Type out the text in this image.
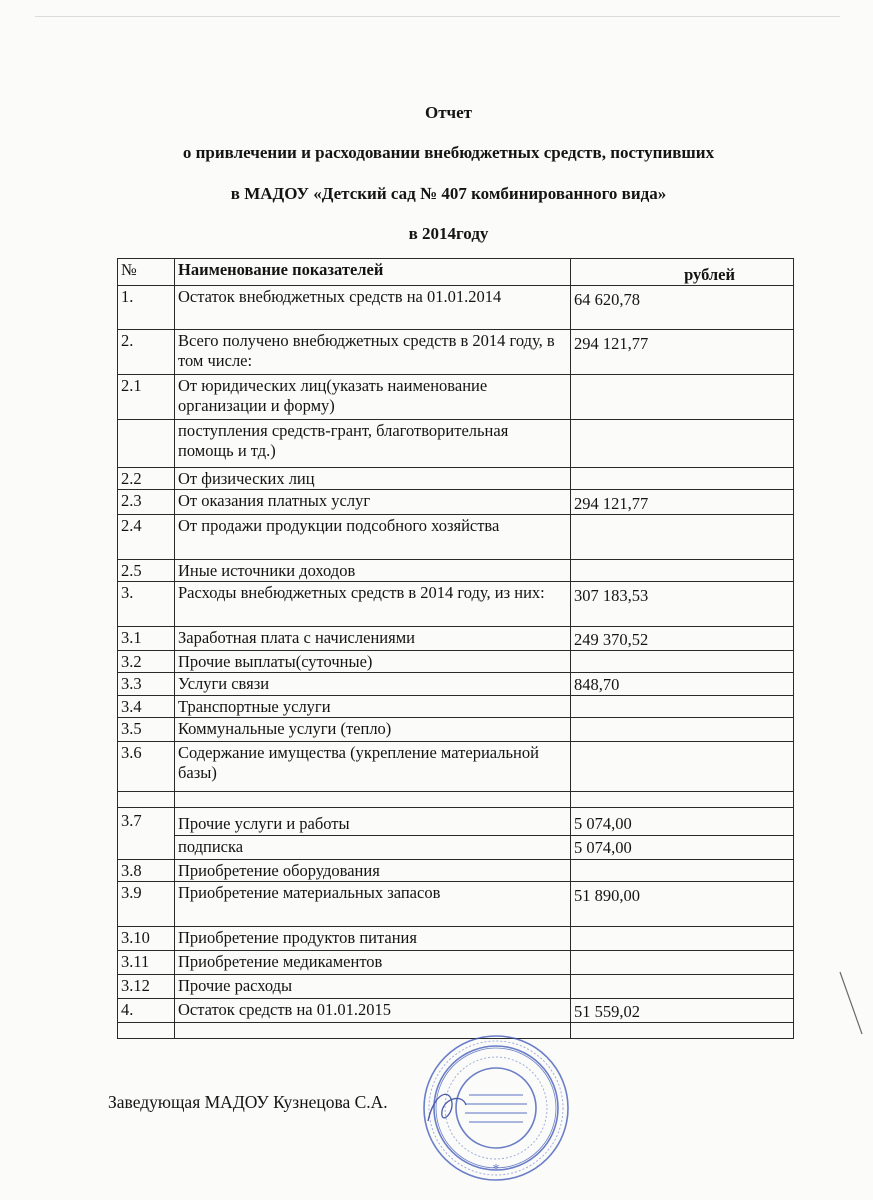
Отчет
о привлечении и расходовании внебюджетных средств, поступивших
в МАДОУ «Детский сад № 407 комбинированного вида»
в 2014году
№	Наименование показателей	рублей
1.	Остаток внебюджетных средств на 01.01.2014	64 620,78
2.	Всего получено внебюджетных средств в 2014 году, в том числе:	294 121,77
2.1	От юридических лиц(указать наименование организации и форму)	
	поступления средств-грант, благотворительная помощь и тд.)	
2.2	От физических лиц	
2.3	От оказания платных услуг	294 121,77
2.4	От продажи продукции подсобного хозяйства	
2.5	Иные источники доходов	
3.	Расходы внебюджетных средств в 2014 году, из них:	307 183,53
3.1	Заработная плата с начислениями	249 370,52
3.2	Прочие выплаты(суточные)	
3.3	Услуги связи	848,70
3.4	Транспортные услуги	
3.5	Коммунальные услуги (тепло)	
3.6	Содержание имущества (укрепление материальной базы)	

3.7	Прочие услуги и работы	5 074,00
	подписка	5 074,00
3.8	Приобретение оборудования	
3.9	Приобретение материальных запасов	51 890,00
3.10	Приобретение продуктов питания	
3.11	Приобретение медикаментов	
3.12	Прочие расходы	
4.	Остаток средств на 01.01.2015	51 559,02

Заведующая МАДОУ Кузнецова С.А.
*
